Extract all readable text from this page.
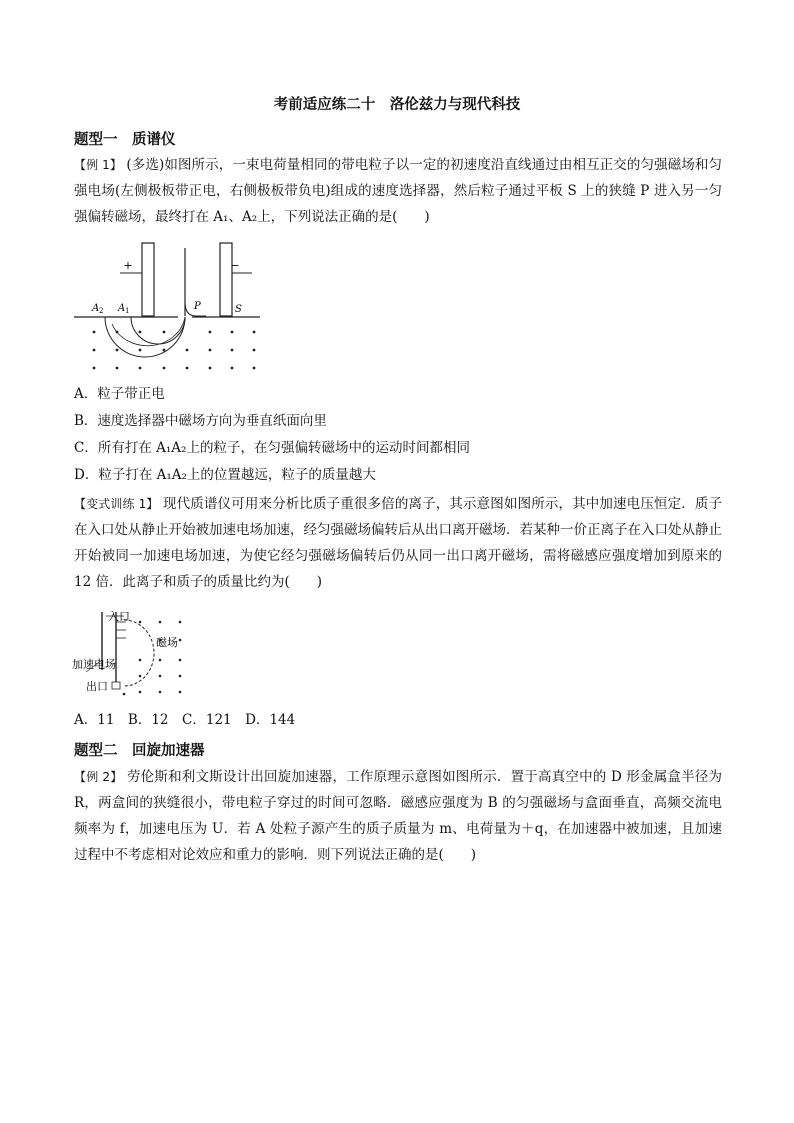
考前适应练二十　洛伦兹力与现代科技
题型一　质谱仪

【例 1】 (多选)如图所示，一束电荷量相同的带电粒子以一定的初速度沿直线通过由相互正交的匀强磁场和匀强电场(左侧极板带正电，右侧极板带负电)组成的速度选择器，然后粒子通过平板 S 上的狭缝 P 进入另一匀强偏转磁场，最终打在 A₁、A₂上，下列说法正确的是(　　)

+	−
A 2 A 1	P	S
A．粒子带正电
B．速度选择器中磁场方向为垂直纸面向里
C．所有打在 A₁A₂上的粒子，在匀强偏转磁场中的运动时间都相同
D．粒子打在 A₁A₂上的位置越远，粒子的质量越大

【变式训练 1】 现代质谱仪可用来分析比质子重很多倍的离子，其示意图如图所示，其中加速电压恒定．质子在入口处从静止开始被加速电场加速，经匀强磁场偏转后从出口离开磁场．若某种一价正离子在入口处从静止开始被同一加速电场加速，为使它经匀强磁场偏转后仍从同一出口离开磁场，需将磁感应强度增加到原来的 12 倍．此离子和质子的质量比约为(　　)

入口
磁场
加速电场
出口
A．11　B．12　C．121　D．144
题型二　回旋加速器

【例 2】 劳伦斯和利文斯设计出回旋加速器，工作原理示意图如图所示．置于高真空中的 D 形金属盒半径为 R，两盒间的狭缝很小，带电粒子穿过的时间可忽略．磁感应强度为 B 的匀强磁场与盒面垂直，高频交流电频率为 f，加速电压为 U．若 A 处粒子源产生的质子质量为 m、电荷量为＋q，在加速器中被加速，且加速过程中不考虑相对论效应和重力的影响．则下列说法正确的是(　　)
